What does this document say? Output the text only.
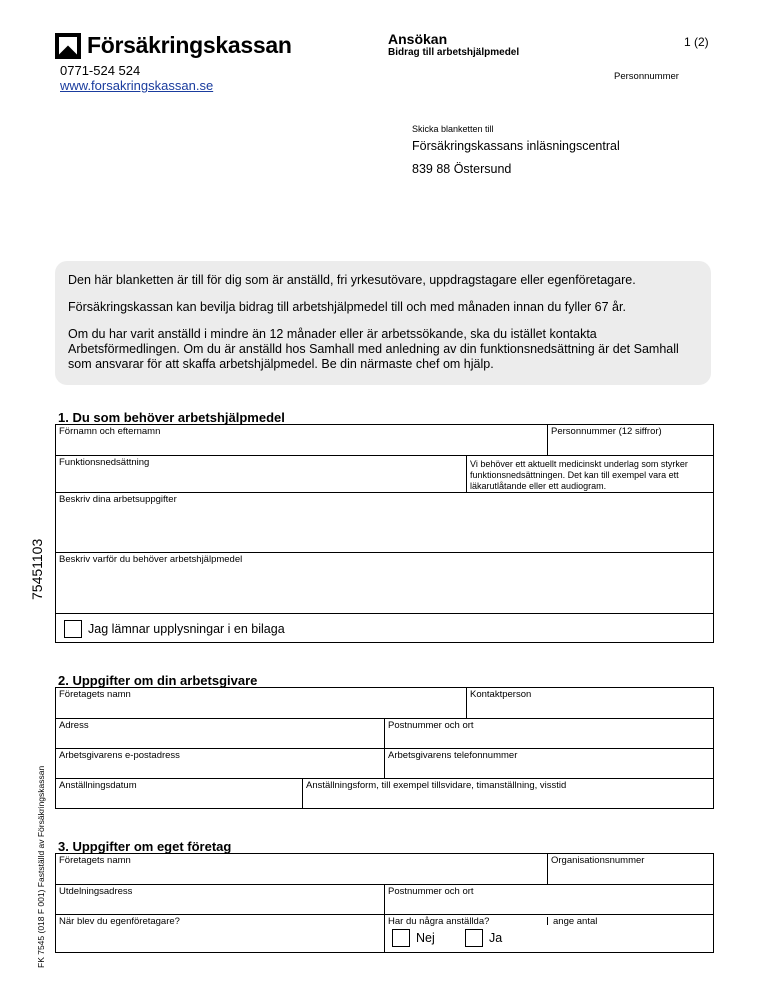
Försäkringskassan
0771-524 524
www.forsakringskassan.se
Ansökan
Bidrag till arbetshjälpmedel
1 (2)
Personnummer
Skicka blanketten till
Försäkringskassans inläsningscentral
839 88 Östersund

Den här blanketten är till för dig som är anställd, fri yrkesutövare, uppdragstagare eller egenföretagare.

Försäkringskassan kan bevilja bidrag till arbetshjälpmedel till och med månaden innan du fyller 67 år.

Om du har varit anställd i mindre än 12 månader eller är arbetssökande, ska du istället kontakta Arbetsförmedlingen. Om du är anställd hos Samhall med anledning av din funktionsnedsättning är det Samhall som ansvarar för att skaffa arbetshjälpmedel. Be din närmaste chef om hjälp.

75451103
FK 7545 (018 F 001) Fastställd av Försäkringskassan
1. Du som behöver arbetshjälpmedel
Förnamn och efternamn	Personnummer (12 siffror)
Funktionsnedsättning	Vi behöver ett aktuellt medicinskt underlag som styrker funktionsnedsättningen. Det kan till exempel vara ett läkarutlåtande eller ett audiogram.
Beskriv dina arbetsuppgifter
Beskriv varför du behöver arbetshjälpmedel
Jag lämnar upplysningar i en bilaga
2. Uppgifter om din arbetsgivare
Företagets namn	Kontaktperson
Adress	Postnummer och ort
Arbetsgivarens e-postadress	Arbetsgivarens telefonnummer
Anställningsdatum	Anställningsform, till exempel tillsvidare, timanställning, visstid
3. Uppgifter om eget företag
Företagets namn	Organisationsnummer
Utdelningsadress	Postnummer och ort
När blev du egenföretagare?	Har du några anställda?	ange antal
Nej	Ja
